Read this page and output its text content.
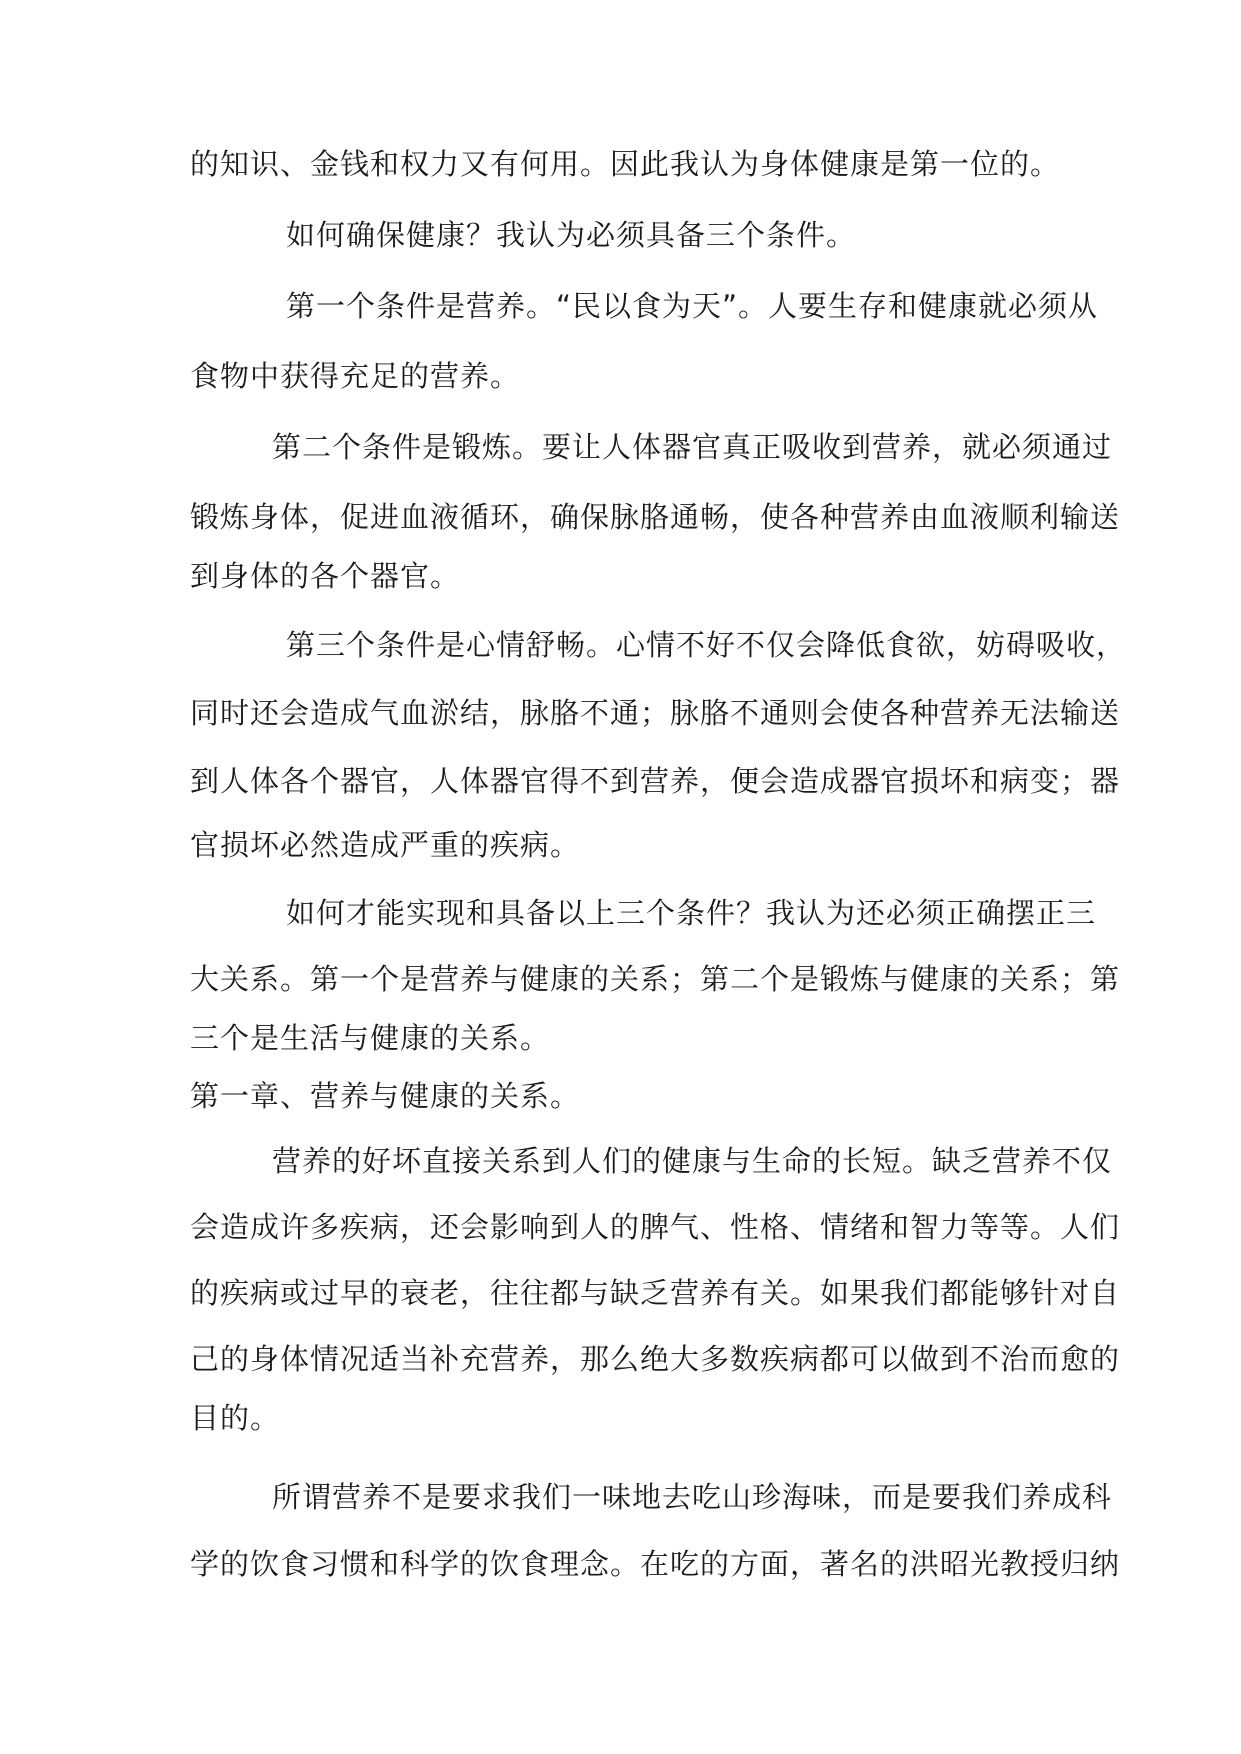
的知识、金钱和权力又有何用。因此我认为身体健康是第一位的。
如何确保健康？我认为必须具备三个条件。
第一个条件是营养。“民以食为天”。人要生存和健康就必须从
食物中获得充足的营养。
第二个条件是锻炼。要让人体器官真正吸收到营养，就必须通过
锻炼身体，促进血液循环，确保脉胳通畅，使各种营养由血液顺利输送
到身体的各个器官。
第三个条件是心情舒畅。心情不好不仅会降低食欲，妨碍吸收，
同时还会造成气血淤结，脉胳不通；脉胳不通则会使各种营养无法输送
到人体各个器官，人体器官得不到营养，便会造成器官损坏和病变；器
官损坏必然造成严重的疾病。
如何才能实现和具备以上三个条件？我认为还必须正确摆正三
大关系。第一个是营养与健康的关系；第二个是锻炼与健康的关系；第
三个是生活与健康的关系。
第一章、营养与健康的关系。
营养的好坏直接关系到人们的健康与生命的长短。缺乏营养不仅
会造成许多疾病，还会影响到人的脾气、性格、情绪和智力等等。人们
的疾病或过早的衰老，往往都与缺乏营养有关。如果我们都能够针对自
己的身体情况适当补充营养，那么绝大多数疾病都可以做到不治而愈的
目的。
所谓营养不是要求我们一味地去吃山珍海味，而是要我们养成科
学的饮食习惯和科学的饮食理念。在吃的方面，著名的洪昭光教授归纳
